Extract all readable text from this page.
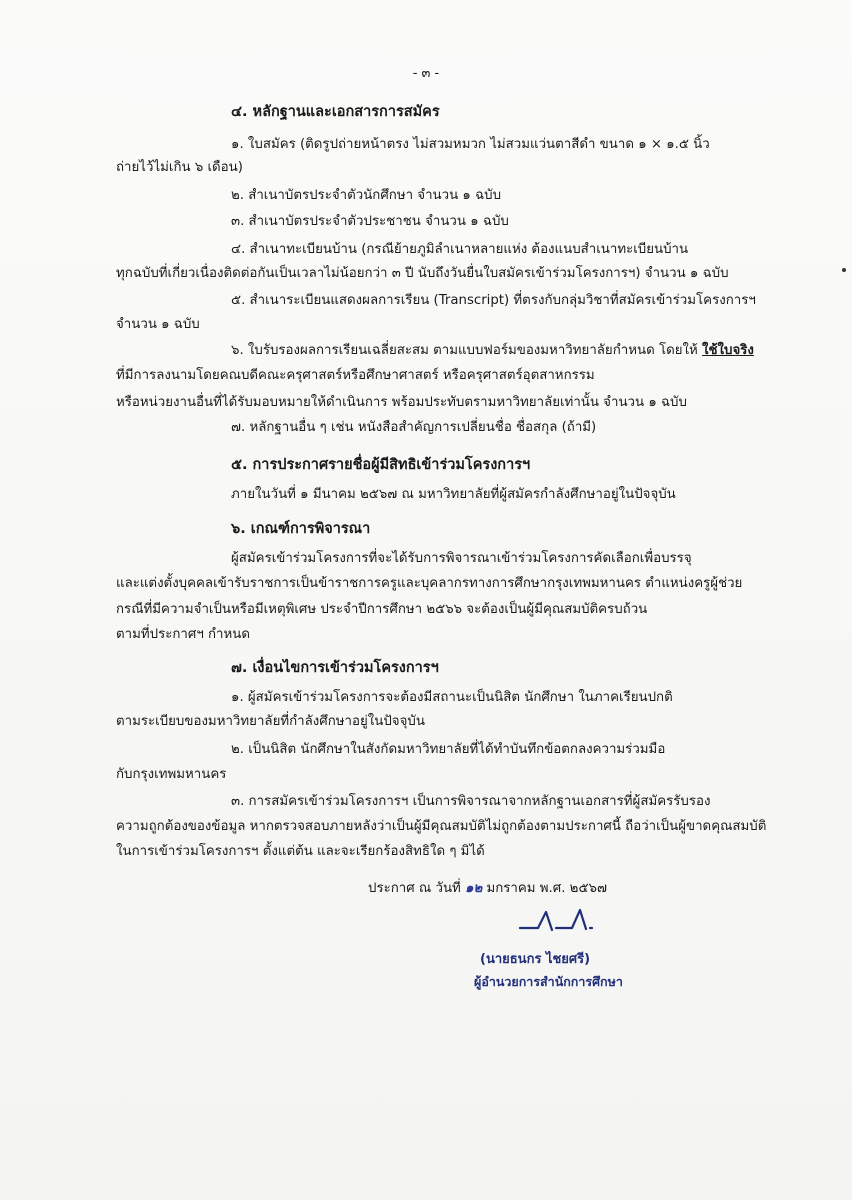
- ๓ -
๔. หลักฐานและเอกสารการสมัคร
๑. ใบสมัคร (ติดรูปถ่ายหน้าตรง ไม่สวมหมวก ไม่สวมแว่นตาสีดำ ขนาด ๑ × ๑.๕ นิ้ว
ถ่ายไว้ไม่เกิน ๖ เดือน)
๒. สำเนาบัตรประจำตัวนักศึกษา จำนวน ๑ ฉบับ
๓. สำเนาบัตรประจำตัวประชาชน จำนวน ๑ ฉบับ
๔. สำเนาทะเบียนบ้าน (กรณีย้ายภูมิลำเนาหลายแห่ง ต้องแนบสำเนาทะเบียนบ้าน
ทุกฉบับที่เกี่ยวเนื่องติดต่อกันเป็นเวลาไม่น้อยกว่า ๓ ปี นับถึงวันยื่นใบสมัครเข้าร่วมโครงการฯ) จำนวน ๑ ฉบับ
๕. สำเนาระเบียนแสดงผลการเรียน (Transcript) ที่ตรงกับกลุ่มวิชาที่สมัครเข้าร่วมโครงการฯ
จำนวน ๑ ฉบับ
๖. ใบรับรองผลการเรียนเฉลี่ยสะสม ตามแบบฟอร์มของมหาวิทยาลัยกำหนด โดยให้ ใช้ใบจริง
ที่มีการลงนามโดยคณบดีคณะครุศาสตร์หรือศึกษาศาสตร์ หรือครุศาสตร์อุตสาหกรรม
หรือหน่วยงานอื่นที่ได้รับมอบหมายให้ดำเนินการ พร้อมประทับตรามหาวิทยาลัยเท่านั้น จำนวน ๑ ฉบับ
๗. หลักฐานอื่น ๆ เช่น หนังสือสำคัญการเปลี่ยนชื่อ ชื่อสกุล (ถ้ามี)
๕. การประกาศรายชื่อผู้มีสิทธิเข้าร่วมโครงการฯ
ภายในวันที่ ๑ มีนาคม ๒๕๖๗ ณ มหาวิทยาลัยที่ผู้สมัครกำลังศึกษาอยู่ในปัจจุบัน
๖. เกณฑ์การพิจารณา
ผู้สมัครเข้าร่วมโครงการที่จะได้รับการพิจารณาเข้าร่วมโครงการคัดเลือกเพื่อบรรจุ
และแต่งตั้งบุคคลเข้ารับราชการเป็นข้าราชการครูและบุคลากรทางการศึกษากรุงเทพมหานคร ตำแหน่งครูผู้ช่วย
กรณีที่มีความจำเป็นหรือมีเหตุพิเศษ ประจำปีการศึกษา ๒๕๖๖ จะต้องเป็นผู้มีคุณสมบัติครบถ้วน
ตามที่ประกาศฯ กำหนด
๗. เงื่อนไขการเข้าร่วมโครงการฯ
๑. ผู้สมัครเข้าร่วมโครงการจะต้องมีสถานะเป็นนิสิต นักศึกษา ในภาคเรียนปกติ
ตามระเบียบของมหาวิทยาลัยที่กำลังศึกษาอยู่ในปัจจุบัน
๒. เป็นนิสิต นักศึกษาในสังกัดมหาวิทยาลัยที่ได้ทำบันทึกข้อตกลงความร่วมมือ
กับกรุงเทพมหานคร
๓. การสมัครเข้าร่วมโครงการฯ เป็นการพิจารณาจากหลักฐานเอกสารที่ผู้สมัครรับรอง
ความถูกต้องของข้อมูล หากตรวจสอบภายหลังว่าเป็นผู้มีคุณสมบัติไม่ถูกต้องตามประกาศนี้ ถือว่าเป็นผู้ขาดคุณสมบัติ
ในการเข้าร่วมโครงการฯ ตั้งแต่ต้น และจะเรียกร้องสิทธิใด ๆ มิได้
ประกาศ ณ วันที่ ๑๒ มกราคม พ.ศ. ๒๕๖๗
(นายธนกร ไชยศรี)
ผู้อำนวยการสำนักการศึกษา
